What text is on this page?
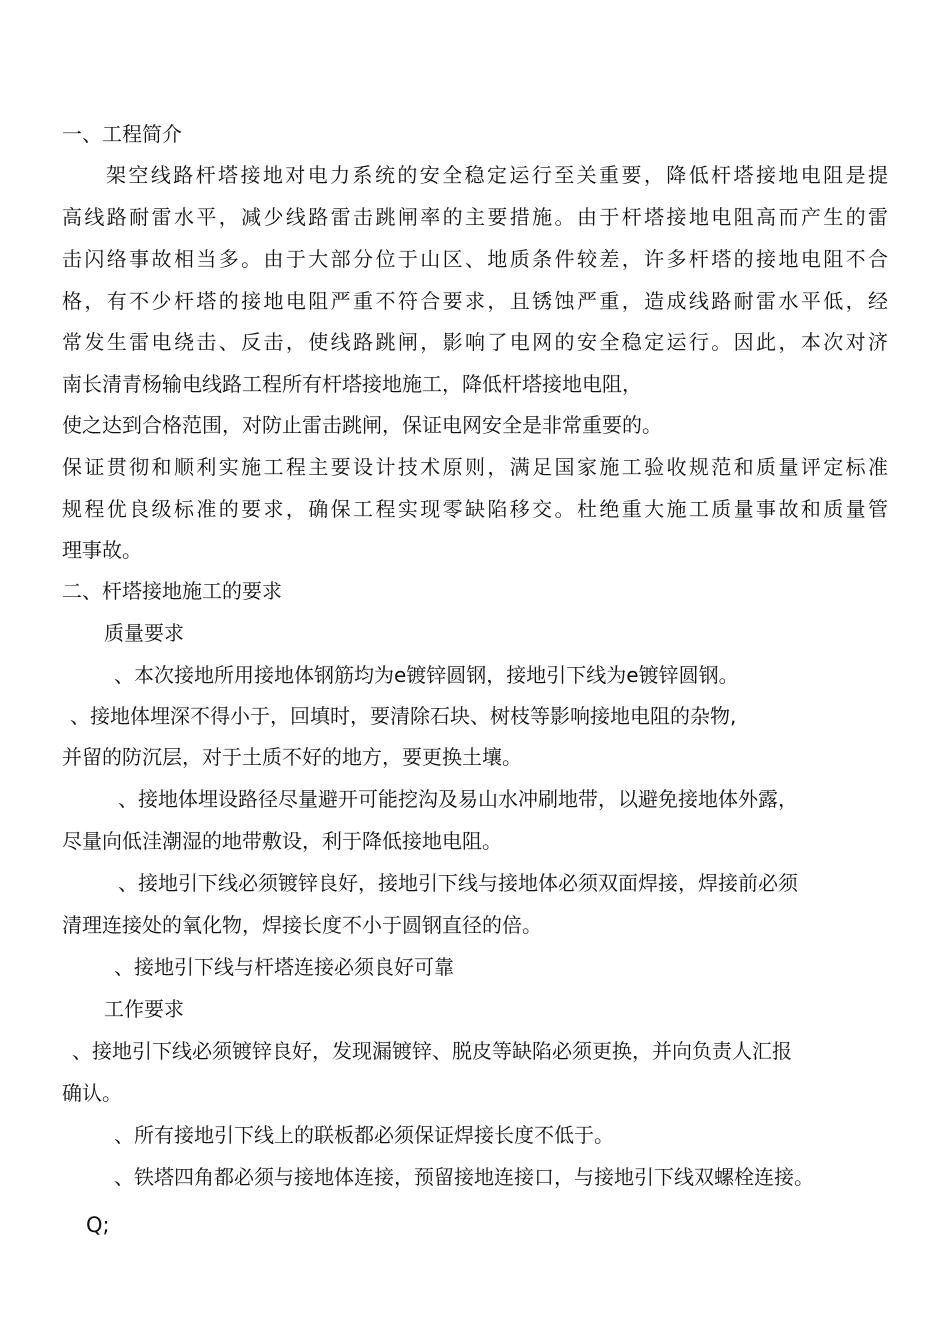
一、工程简介
架空线路杆塔接地对电力系统的安全稳定运行至关重要，降低杆塔接地电阻是提
高线路耐雷水平，减少线路雷击跳闸率的主要措施。由于杆塔接地电阻高而产生的雷
击闪络事故相当多。由于大部分位于山区、地质条件较差，许多杆塔的接地电阻不合
格，有不少杆塔的接地电阻严重不符合要求，且锈蚀严重，造成线路耐雷水平低，经
常发生雷电绕击、反击，使线路跳闸，影响了电网的安全稳定运行。因此，本次对济
南长清青杨输电线路工程所有杆塔接地施工，降低杆塔接地电阻，
使之达到合格范围，对防止雷击跳闸，保证电网安全是非常重要的。
保证贯彻和顺利实施工程主要设计技术原则，满足国家施工验收规范和质量评定标准
规程优良级标准的要求，确保工程实现零缺陷移交。杜绝重大施工质量事故和质量管
理事故。
二、杆塔接地施工的要求
质量要求
、本次接地所用接地体钢筋均为e镀锌圆钢，接地引下线为e镀锌圆钢。
、接地体埋深不得小于，回填时，要清除石块、树枝等影响接地电阻的杂物,
并留的防沉层，对于土质不好的地方，要更换土壤。
、接地体埋设路径尽量避开可能挖沟及易山水冲刷地带，以避免接地体外露，
尽量向低洼潮湿的地带敷设，利于降低接地电阻。
、接地引下线必须镀锌良好，接地引下线与接地体必须双面焊接，焊接前必须
清理连接处的氧化物，焊接长度不小于圆钢直径的倍。
、接地引下线与杆塔连接必须良好可靠
工作要求
、接地引下线必须镀锌良好，发现漏镀锌、脱皮等缺陷必须更换，并向负责人汇报
确认。
、所有接地引下线上的联板都必须保证焊接长度不低于。
、铁塔四角都必须与接地体连接，预留接地连接口，与接地引下线双螺栓连接。
Q;
